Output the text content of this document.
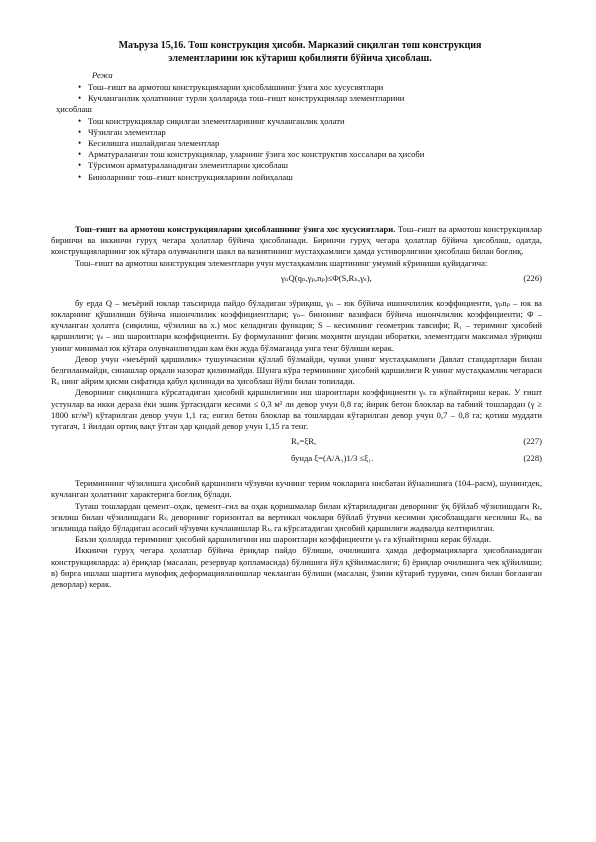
Маъруза 15,16. Тош конструкция ҳисоби. Марказий сиқилган тош конструкция элементларини юк кўтариш қобилияти бўйича ҳисоблаш.
Режа
• Тош–ғишт ва армотош конструкцияларни ҳисоблашнинг ўзига хос хусусиятлари
• Кучланганлик ҳолатининг турли ҳолларида тош–ғишт конструкциялар элементларини
ҳисоблаш
• Тош конструкциялар сиқилган элементларининг кучланганлик ҳолати
• Чўзилган элементлар
• Кесилишга ишлайдиган элементлар
• Арматураланган тош конструкциялар, уларнинг ўзига хос конструктив хоссалари ва ҳисоби
• Тўрсимон арматураланадиган элементларни ҳисоблаш
• Биноларнинг тош–ғишт конструкцияларини лойиҳалаш

Тош–ғишт ва армотош конструкцияларни ҳисоблашнинг ўзига хос хусусиятлари. Тош–ғишт ва армотош конструкциялар биринчи ва иккинчи гуруҳ чегара ҳолатлар бўйича ҳисобланади. Биринчи гуруҳ чегара ҳолатлар бўйича ҳисоблаш, одатда, конструкцияларнинг юк кўтара олувчанлиги шакл ва вазиятининг мустаҳкамлиги ҳамда устиворлигини ҳисоблаш билан боғлиқ.

Тош–ғишт ва армотош конструкция элементлари учун мустаҳкамлик шартининг умумий кўриниши қуйидагича:

γₙQ(qₙ,γₚ,nₚ)≤Φ(S,Rₙ,γₛ),	(226)

бу ерда Q – меъёрий юклар таъсирида пайдо бўладиган зўриқиш, γₙ – юк бўйича ишончлилик коэффициенти, γₚnₚ – юк ва юкларнинг қўшилиши бўйича ишончлилик коэффициентлари; γₙ– бинонинг вазифаси бўйича ишончлилик коэффициенти; Φ – кучланган ҳолатга (сиқилиш, чўзилиш ва х.) мос келадиган функция; S – кесимнинг геометрик тавсифи; R₁ – териминг ҳисобий қаршилиги; γₛ – иш шароитлари коэффициенти. Бу формуланинг физик моҳияти шундан иборатки, элементдаги максимал зўриқиш унинг минимал юк кўтара олувчанлигидан кам ёки жуда бўлмаганда унга тенг бўлиши керак.

Девор учун «меъёрий қаршилик» тушунчасини қўллаб бўлмайди, чунки унинг мустаҳкамлиги Давлат стандартлари билан белгиланмайди, синашлар орқали назорат қилинмайди. Шунга кўра терминнинг ҳисобий қаршилиги R унинг мустаҳкамлик чегараси Rᵤ нинг айрим қисми сифатида қабул қилинади ва ҳисоблаш йўли билан топилади.

Деворнинг сиқилишга кўрсатадиган ҳисобий қаршилигини иш шароитлари коэффициенти γₛ га кўпайтириш керак. У ғишт устунлар ва икки дераза ёки эшик ўртасидаги кесими ≤ 0,3 м² ли девор учун 0,8 га; йирик бетон блоклар ва табиий тошлардан (γ ≥ 1800 кг/м³) кўтарилган девор учун 1,1 га; енгил бетон блоклар ва тошлардан кўтарилган девор учун 0,7 – 0,8 га; қотиш муддати тугагач, 1 йилдан ортиқ вақт ўтган ҳар қандай девор учун 1,15 га тенг.

Rᵤ=ξR,	(227)
бунда ξ=(A/A₁)1/3 ≤ξ₁.	(228)

Териминнинг чўзилишга ҳисобий қаршилиги чўзувчи кучнинг терим чокларига нисбатан йўналишига (104–расм), шунингдек, кучланган ҳолатнинг характерига боғлиқ бўлади.

Туташ тошлардан цемент–оҳак, цемент–гил ва оҳак қоришмалар билан кўтариладиган деворнинг ўқ бўйлаб чўзилишдаги Rₜ, эгилиш билан чўзилишдаги Rₜᵢ деворнинг горизонтал ва вертикал чоклари бўйлаб ўтувчи кесимни ҳисоблашдаги кесилиш Rₛₒ ва эгилишда пайдо бўладиган асосий чўзувчи кучланишлар Rₜₒ га кўрсатадиган ҳисобий қаршилиги жадвалда келтирилган.

Баъзи ҳолларда теримнинг ҳисобий қаршилигини иш шароитлари коэффициенти γₛ га кўпайтириш керак бўлади.

Иккинчи гуруҳ чегара ҳолатлар бўйича ёриқлар пайдо бўлиши, очилишига ҳамда деформацияларга ҳисобланадиган конструкцияларда: а) ёриқлар (масалан, резервуар қопламасида) бўлишига йўл қўйилмаслиги; б) ёриқлар очилишига чек қўйилиши; в) бирга ишлаш шартига мувофиқ деформацияланишлар чекланган бўлиши (масалан, ўзини кўтариб турувчи, синч билан боғланган деворлар) керак.
